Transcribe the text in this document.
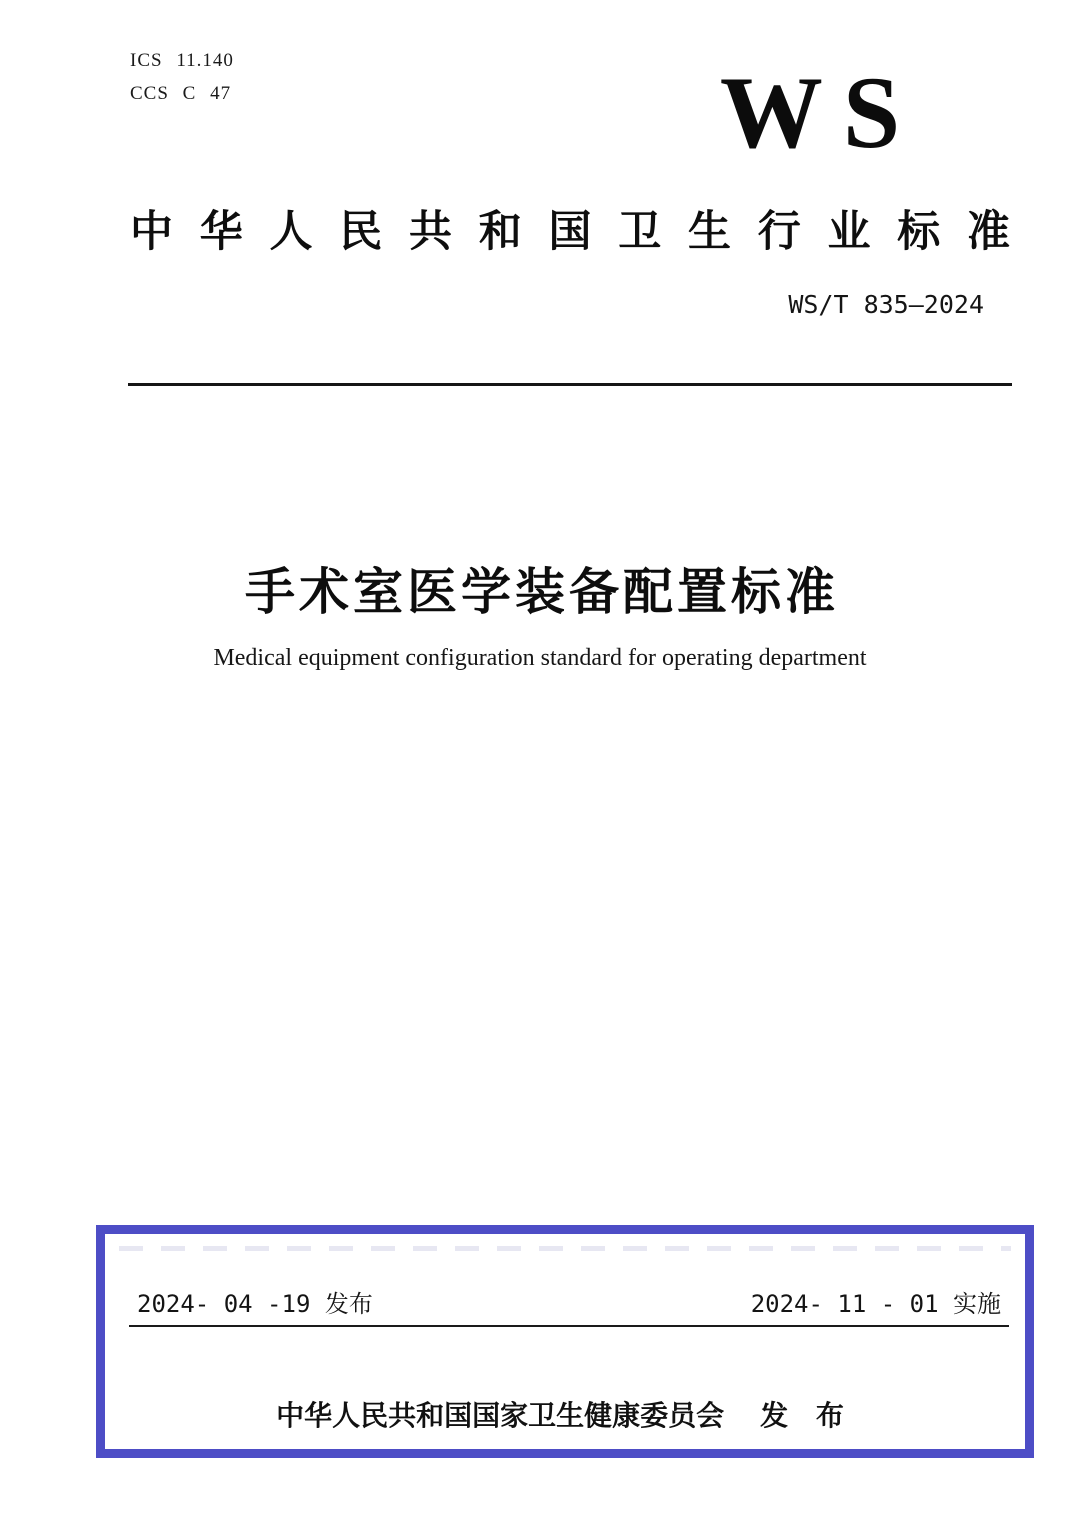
ICS 11.140
CCS C 47	WS
中 华 人 民 共 和 国 卫 生 行 业 标 准
WS/T 835—2024
手术室医学装备配置标准
Medical equipment configuration standard for operating department
2024- 04 -19 发布	2024- 11 - 01 实施
中华人民共和国国家卫生健康委员会 发 布
